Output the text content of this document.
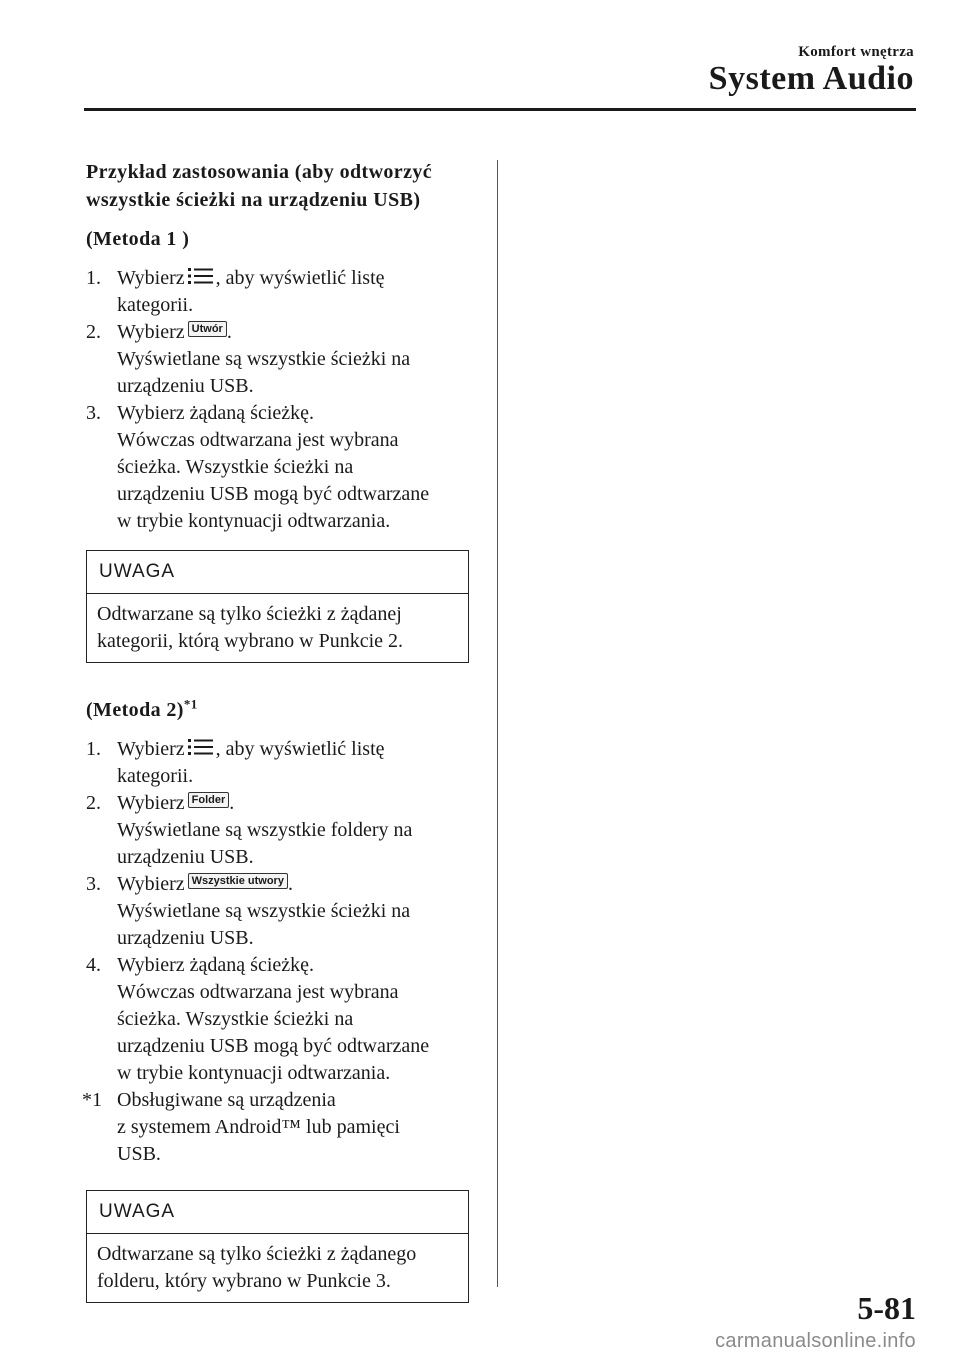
Komfort wnętrza
System Audio
Przykład zastosowania (aby odtworzyć
wszystkie ścieżki na urządzeniu USB)
(Metoda 1 )
1. Wybierz , aby wyświetlić listę
kategorii.
2. Wybierz Utwór .
Wyświetlane są wszystkie ścieżki na
urządzeniu USB.
3. Wybierz żądaną ścieżkę.
Wówczas odtwarzana jest wybrana
ścieżka. Wszystkie ścieżki na
urządzeniu USB mogą być odtwarzane
w trybie kontynuacji odtwarzania.
UWAGA
Odtwarzane są tylko ścieżki z żądanej
kategorii, którą wybrano w Punkcie 2.
(Metoda 2)$^{*1}$
1. Wybierz , aby wyświetlić listę
kategorii.
2. Wybierz Folder .
Wyświetlane są wszystkie foldery na
urządzeniu USB.
3. Wybierz Wszystkie utwory .
Wyświetlane są wszystkie ścieżki na
urządzeniu USB.
4. Wybierz żądaną ścieżkę.
Wówczas odtwarzana jest wybrana
ścieżka. Wszystkie ścieżki na
urządzeniu USB mogą być odtwarzane
w trybie kontynuacji odtwarzania.
*1 Obsługiwane są urządzenia
z systemem Android™ lub pamięci
USB.
UWAGA
Odtwarzane są tylko ścieżki z żądanego
folderu, który wybrano w Punkcie 3.
5-81
carmanualsonline.info
